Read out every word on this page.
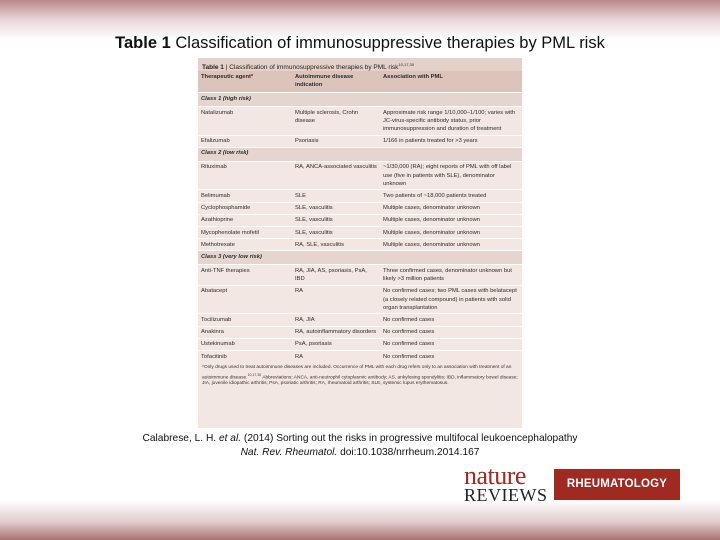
Table 1 Classification of immunosuppressive therapies by PML risk
Table 1 | Classification of immunosuppressive therapies by PML risk$^{10,17,30}$
Therapeutic agent*	Autoimmune disease indication	Association with PML
Class 1 (high risk)		
Natalizumab	Multiple sclerosis, Crohn disease	Approximate risk range 1/10,000–1/100; varies with JC-virus-specific antibody status, prior immunosuppression and duration of treatment
Efalizumab	Psoriasis	1/166 in patients treated for >3 years
Class 2 (low risk)		
Rituximab	RA, ANCA-associated vasculitis	~1/30,000 (RA); eight reports of PML with off label use (five in patients with SLE), denominator unknown
Belimumab	SLE	Two patients of ~18,000 patients treated
Cyclophosphamide	SLE, vasculitis	Multiple cases, denominator unknown
Azathioprine	SLE, vasculitis	Multiple cases, denominator unknown
Mycophenolate mofetil	SLE, vasculitis	Multiple cases, denominator unknown
Methotrexate	RA, SLE, vasculitis	Multiple cases, denominator unknown
Class 3 (very low risk)		
Anti-TNF therapies	RA, JIA, AS, psoriasis, PsA, IBD	Three confirmed cases, denominator unknown but likely >3 million patients
Abatacept	RA	No confirmed cases; two PML cases with belatacept (a closely related compound) in patients with solid organ transplantation
Tocilizumab	RA, JIA	No confirmed cases
Anakinra	RA, autoinflammatory disorders	No confirmed cases
Ustekinumab	PsA, psoriasis	No confirmed cases
Tofacitinib	RA	No confirmed cases
*Only drugs used to treat autoimmune diseases are included. Occurrence of PML with each drug refers only to an association with treatment of an autoimmune disease.$^{10,17,30}$ Abbreviations: ANCA, anti-neutrophil cytoplasmic antibody; AS, ankylosing spondylitis; IBD, inflammatory bowel disease; JIA, juvenile idiopathic arthritis; PsA, psoriatic arthritis; RA, rheumatoid arthritis; SLE, systemic lupus erythematosus.
Calabrese, L. H. et al. (2014) Sorting out the risks in progressive multifocal leukoencephalopathy
Nat. Rev. Rheumatol. doi:10.1038/nrrheum.2014.167
nature
REVIEWS
RHEUMATOLOGY
